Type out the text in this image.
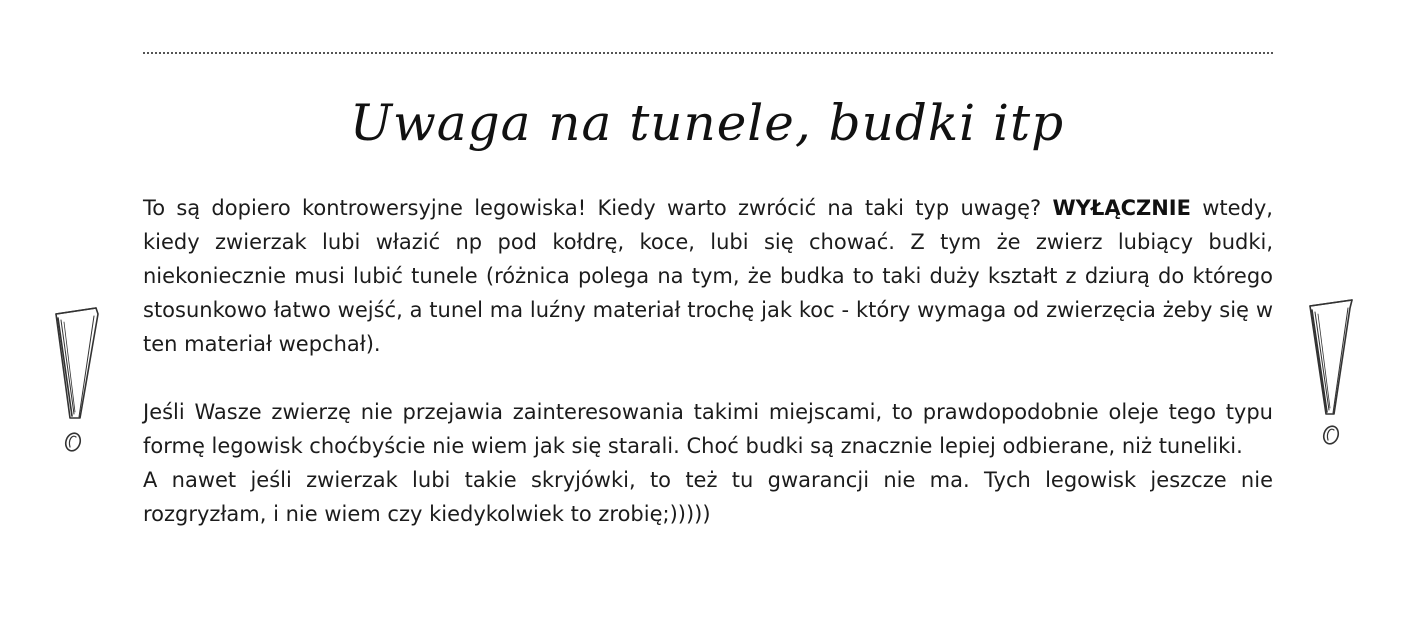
Uwaga na tunele, budki itp

To są dopiero kontrowersyjne legowiska! Kiedy warto zwrócić na taki typ uwagę? WYŁĄCZNIE wtedy, kiedy zwierzak lubi włazić np pod kołdrę, koce, lubi się chować. Z tym że zwierz lubiący budki, niekoniecznie musi lubić tunele (różnica polega na tym, że budka to taki duży kształt z dziurą do którego stosunkowo łatwo wejść, a tunel ma luźny materiał trochę jak koc - który wymaga od zwierzęcia żeby się w ten materiał wepchał).

Jeśli Wasze zwierzę nie przejawia zainteresowania takimi miejscami, to prawdopodobnie oleje tego typu formę legowisk choćbyście nie wiem jak się starali. Choć budki są znacznie lepiej odbierane, niż tuneliki.

A nawet jeśli zwierzak lubi takie skryjówki, to też tu gwarancji nie ma. Tych legowisk jeszcze nie rozgryzłam, i nie wiem czy kiedykolwiek to zrobię;)))))
